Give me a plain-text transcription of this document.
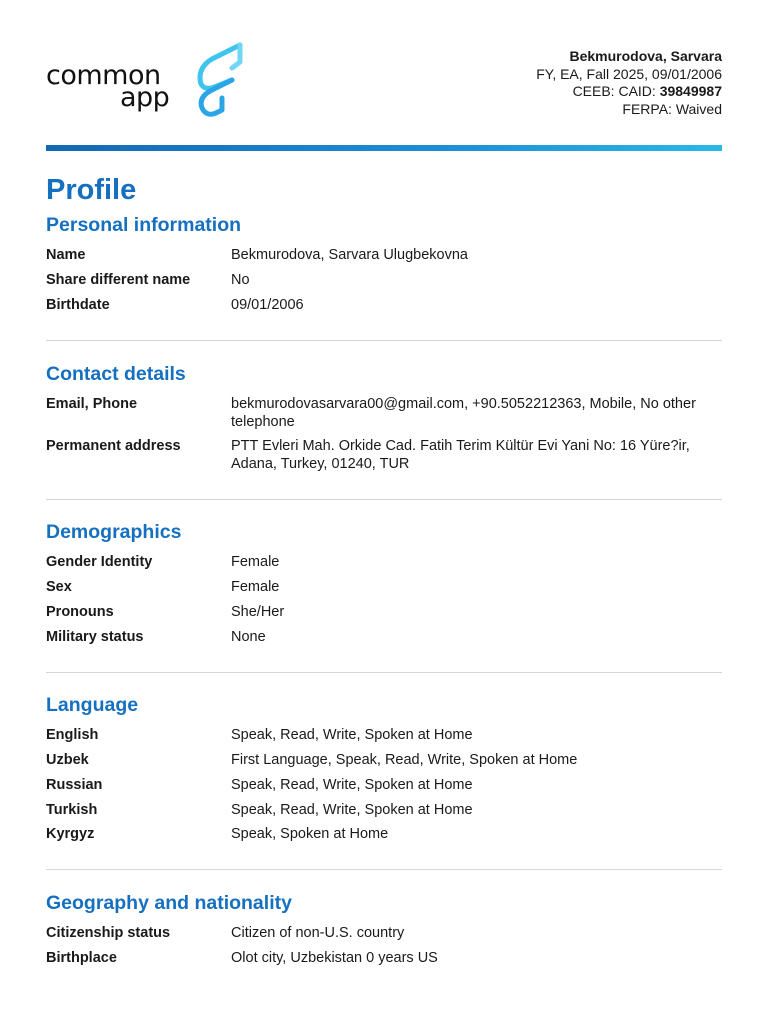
common
app
Bekmurodova, Sarvara
FY, EA, Fall 2025, 09/01/2006
CEEB: CAID: 39849987
FERPA: Waived
Profile
Personal information
Name	Bekmurodova, Sarvara Ulugbekovna
Share different name	No
Birthdate	09/01/2006
Contact details
Email, Phone	bekmurodovasarvara00@gmail.com, +90.5052212363, Mobile, No other telephone
Permanent address	PTT Evleri Mah. Orkide Cad. Fatih Terim Kültür Evi Yani No: 16 Yüre?ir, Adana, Turkey, 01240, TUR
Demographics
Gender Identity	Female
Sex	Female
Pronouns	She/Her
Military status	None
Language
English	Speak, Read, Write, Spoken at Home
Uzbek	First Language, Speak, Read, Write, Spoken at Home
Russian	Speak, Read, Write, Spoken at Home
Turkish	Speak, Read, Write, Spoken at Home
Kyrgyz	Speak, Spoken at Home
Geography and nationality
Citizenship status	Citizen of non-U.S. country
Birthplace	Olot city, Uzbekistan 0 years US
